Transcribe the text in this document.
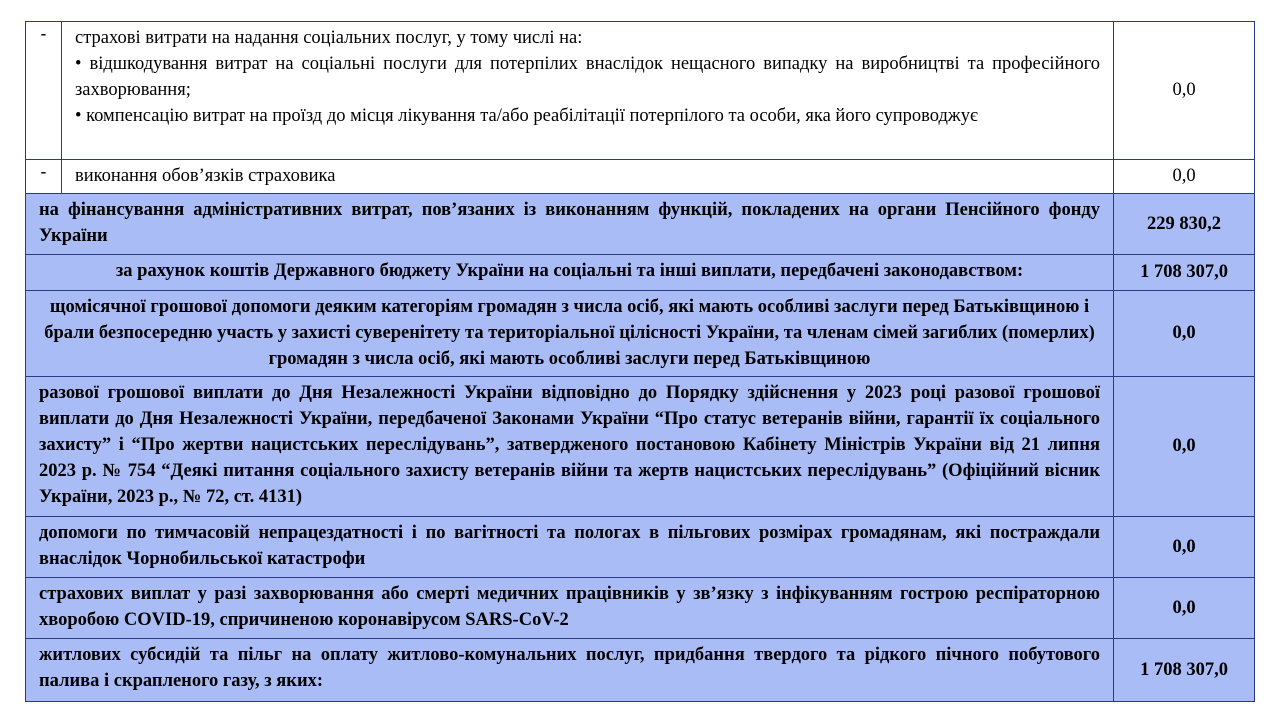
-	страхові витрати на надання соціальних послуг, у тому числі на:
• відшкодування витрат на соціальні послуги для потерпілих внаслідок нещасного випадку на виробництві та професійного захворювання;
• компенсацію витрат на проїзд до місця лікування та/або реабілітації потерпілого та особи, яка його супроводжує
0,0
-	виконання обов’язків страховика	0,0
на фінансування адміністративних витрат, пов’язаних із виконанням функцій, покладених на органи Пенсійного фонду України
229 830,2
за рахунок коштів Державного бюджету України на соціальні та інші виплати, передбачені законодавством:	1 708 307,0
щомісячної грошової допомоги деяким категоріям громадян з числа осіб, які мають особливі заслуги перед Батьківщиною і брали безпосередню участь у захисті суверенітету та територіальної цілісності України, та членам сімей загиблих (померлих) громадян з числа осіб, які мають особливі заслуги перед Батьківщиною
0,0
разової грошової виплати до Дня Незалежності України відповідно до Порядку здійснення у 2023 році разової грошової виплати до Дня Незалежності України, передбаченої Законами України “Про статус ветеранів війни, гарантії їх соціального захисту” і “Про жертви нацистських переслідувань”, затвердженого постановою Кабінету Міністрів України від 21 липня 2023 р. № 754 “Деякі питання соціального захисту ветеранів війни та жертв нацистських переслідувань” (Офіційний вісник України, 2023 р., № 72, ст. 4131)
0,0
допомоги по тимчасовій непрацездатності і по вагітності та пологах в пільгових розмірах громадянам, які постраждали внаслідок Чорнобильської катастрофи
0,0
страхових виплат у разі захворювання або смерті медичних працівників у зв’язку з інфікуванням гострою респіраторною хворобою COVID-19, спричиненою коронавірусом SARS-CoV-2
0,0
житлових субсидій та пільг на оплату житлово-комунальних послуг, придбання твердого та рідкого пічного побутового палива і скрапленого газу, з яких:
1 708 307,0
